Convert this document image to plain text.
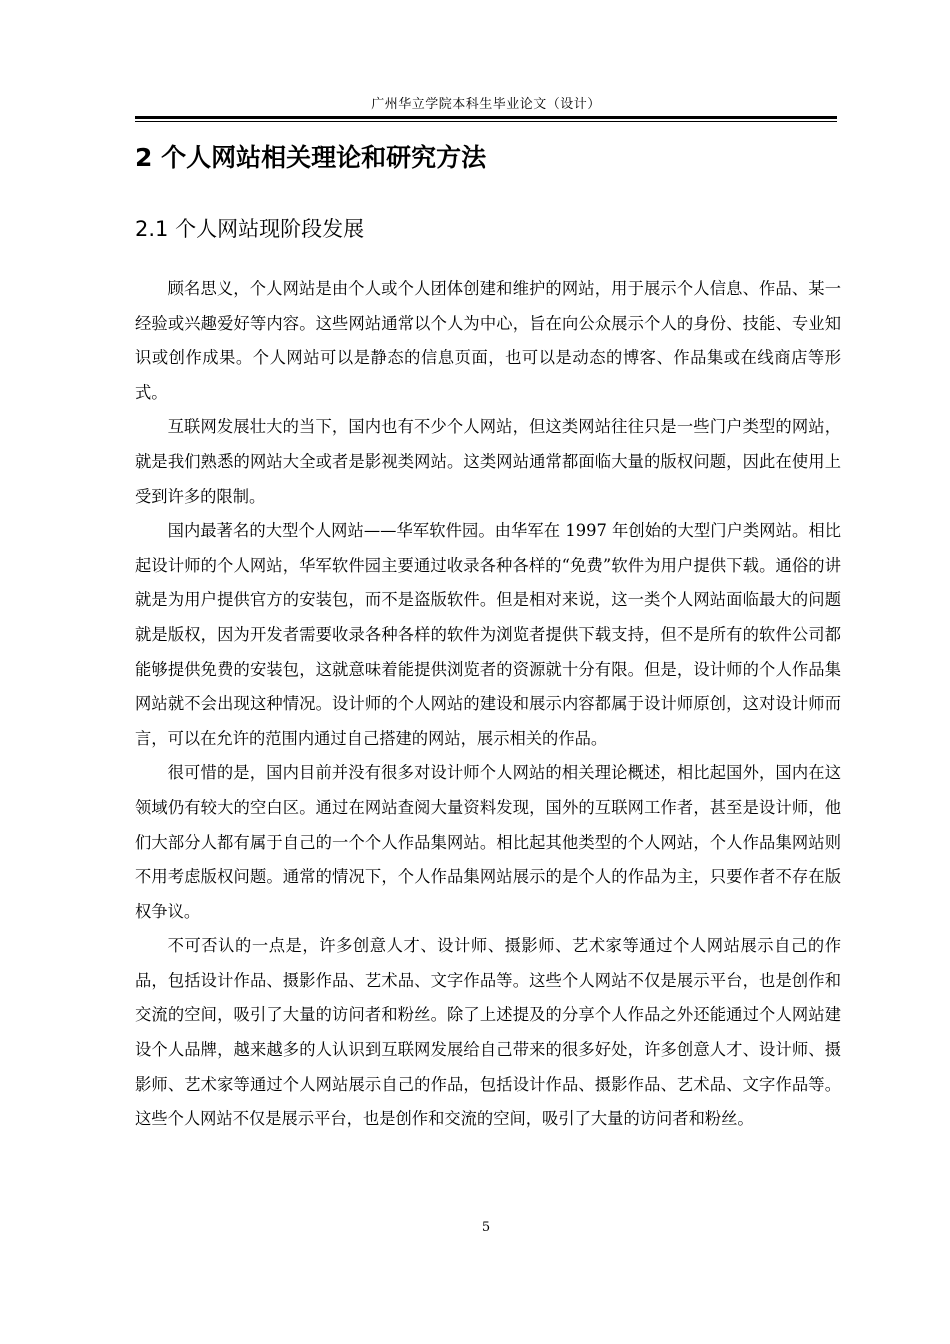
广州华立学院本科生毕业论文（设计）
2 个人网站相关理论和研究方法
2.1 个人网站现阶段发展

顾名思义，个人网站是由个人或个人团体创建和维护的网站，用于展示个人信息、作品、某一经验或兴趣爱好等内容。这些网站通常以个人为中心，旨在向公众展示个人的身份、技能、专业知识或创作成果。个人网站可以是静态的信息页面，也可以是动态的博客、作品集或在线商店等形式。

互联网发展壮大的当下，国内也有不少个人网站，但这类网站往往只是一些门户类型的网站，就是我们熟悉的网站大全或者是影视类网站。这类网站通常都面临大量的版权问题，因此在使用上受到许多的限制。

国内最著名的大型个人网站——华军软件园。由华军在 1997 年创始的大型门户类网站。相比起设计师的个人网站，华军软件园主要通过收录各种各样的“免费”软件为用户提供下载。通俗的讲就是为用户提供官方的安装包，而不是盗版软件。但是相对来说，这一类个人网站面临最大的问题就是版权，因为开发者需要收录各种各样的软件为浏览者提供下载支持，但不是所有的软件公司都能够提供免费的安装包，这就意味着能提供浏览者的资源就十分有限。但是，设计师的个人作品集网站就不会出现这种情况。设计师的个人网站的建设和展示内容都属于设计师原创，这对设计师而言，可以在允许的范围内通过自己搭建的网站，展示相关的作品。

很可惜的是，国内目前并没有很多对设计师个人网站的相关理论概述，相比起国外，国内在这领域仍有较大的空白区。通过在网站查阅大量资料发现，国外的互联网工作者，甚至是设计师，他们大部分人都有属于自己的一个个人作品集网站。相比起其他类型的个人网站，个人作品集网站则不用考虑版权问题。通常的情况下，个人作品集网站展示的是个人的作品为主，只要作者不存在版权争议。

不可否认的一点是，许多创意人才、设计师、摄影师、艺术家等通过个人网站展示自己的作品，包括设计作品、摄影作品、艺术品、文字作品等。这些个人网站不仅是展示平台，也是创作和交流的空间，吸引了大量的访问者和粉丝。除了上述提及的分享个人作品之外还能通过个人网站建设个人品牌，越来越多的人认识到互联网发展给自己带来的很多好处，许多创意人才、设计师、摄影师、艺术家等通过个人网站展示自己的作品，包括设计作品、摄影作品、艺术品、文字作品等。这些个人网站不仅是展示平台，也是创作和交流的空间，吸引了大量的访问者和粉丝。

5
